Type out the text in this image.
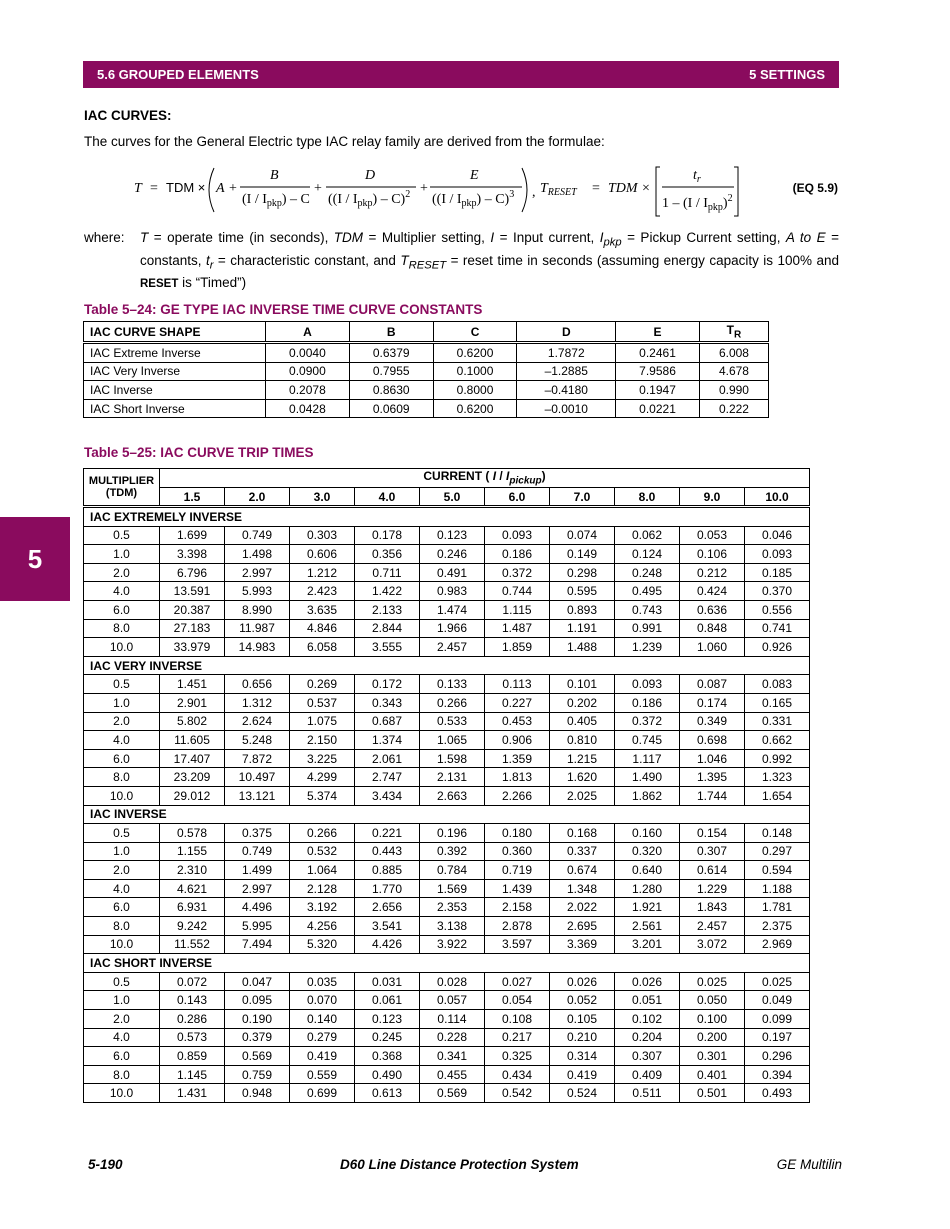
5.6 GROUPED ELEMENTS	5 SETTINGS
5
IAC CURVES:
The curves for the General Electric type IAC relay family are derived from the formulae:
T = TDM × A +
B
$(I / I_{pkp})$ – C
+
D
$((I / I_{pkp}) - C)^2$ +
E
$((I / I_{pkp}) - C)^3$ , $T_{RESET}$ = TDM ×
$t_r$
$1 - (I / I_{pkp})^2$
(EQ 5.9)
where:	T = operate time (in seconds), TDM = Multiplier setting, I = Input current, $I_{pkp}$ = Pickup Current setting, A to E = constants, $t_r$ = characteristic constant, and $T_{RESET}$ = reset time in seconds (assuming energy capacity is 100% and RESET is “Timed”)
Table 5–24: GE TYPE IAC INVERSE TIME CURVE CONSTANTS
IAC CURVE SHAPE	A	B	C	D	E	$T_R$
IAC Extreme Inverse	0.0040	0.6379	0.6200	1.7872	0.2461	6.008
IAC Very Inverse	0.0900	0.7955	0.1000	–1.2885	7.9586	4.678
IAC Inverse	0.2078	0.8630	0.8000	–0.4180	0.1947	0.990
IAC Short Inverse	0.0428	0.0609	0.6200	–0.0010	0.0221	0.222
Table 5–25: IAC CURVE TRIP TIMES
MULTIPLIER (TDM)	CURRENT ( I / $I_{pickup}$)									
	1.5	2.0	3.0	4.0	5.0	6.0	7.0	8.0	9.0	10.0
IAC EXTREMELY INVERSE										
0.5	1.699	0.749	0.303	0.178	0.123	0.093	0.074	0.062	0.053	0.046
1.0	3.398	1.498	0.606	0.356	0.246	0.186	0.149	0.124	0.106	0.093
2.0	6.796	2.997	1.212	0.711	0.491	0.372	0.298	0.248	0.212	0.185
4.0	13.591	5.993	2.423	1.422	0.983	0.744	0.595	0.495	0.424	0.370
6.0	20.387	8.990	3.635	2.133	1.474	1.115	0.893	0.743	0.636	0.556
8.0	27.183	11.987	4.846	2.844	1.966	1.487	1.191	0.991	0.848	0.741
10.0	33.979	14.983	6.058	3.555	2.457	1.859	1.488	1.239	1.060	0.926
IAC VERY INVERSE										
0.5	1.451	0.656	0.269	0.172	0.133	0.113	0.101	0.093	0.087	0.083
1.0	2.901	1.312	0.537	0.343	0.266	0.227	0.202	0.186	0.174	0.165
2.0	5.802	2.624	1.075	0.687	0.533	0.453	0.405	0.372	0.349	0.331
4.0	11.605	5.248	2.150	1.374	1.065	0.906	0.810	0.745	0.698	0.662
6.0	17.407	7.872	3.225	2.061	1.598	1.359	1.215	1.117	1.046	0.992
8.0	23.209	10.497	4.299	2.747	2.131	1.813	1.620	1.490	1.395	1.323
10.0	29.012	13.121	5.374	3.434	2.663	2.266	2.025	1.862	1.744	1.654
IAC INVERSE										
0.5	0.578	0.375	0.266	0.221	0.196	0.180	0.168	0.160	0.154	0.148
1.0	1.155	0.749	0.532	0.443	0.392	0.360	0.337	0.320	0.307	0.297
2.0	2.310	1.499	1.064	0.885	0.784	0.719	0.674	0.640	0.614	0.594
4.0	4.621	2.997	2.128	1.770	1.569	1.439	1.348	1.280	1.229	1.188
6.0	6.931	4.496	3.192	2.656	2.353	2.158	2.022	1.921	1.843	1.781
8.0	9.242	5.995	4.256	3.541	3.138	2.878	2.695	2.561	2.457	2.375
10.0	11.552	7.494	5.320	4.426	3.922	3.597	3.369	3.201	3.072	2.969
IAC SHORT INVERSE										
0.5	0.072	0.047	0.035	0.031	0.028	0.027	0.026	0.026	0.025	0.025
1.0	0.143	0.095	0.070	0.061	0.057	0.054	0.052	0.051	0.050	0.049
2.0	0.286	0.190	0.140	0.123	0.114	0.108	0.105	0.102	0.100	0.099
4.0	0.573	0.379	0.279	0.245	0.228	0.217	0.210	0.204	0.200	0.197
6.0	0.859	0.569	0.419	0.368	0.341	0.325	0.314	0.307	0.301	0.296
8.0	1.145	0.759	0.559	0.490	0.455	0.434	0.419	0.409	0.401	0.394
10.0	1.431	0.948	0.699	0.613	0.569	0.542	0.524	0.511	0.501	0.493
5-190	D60 Line Distance Protection System	GE Multilin
